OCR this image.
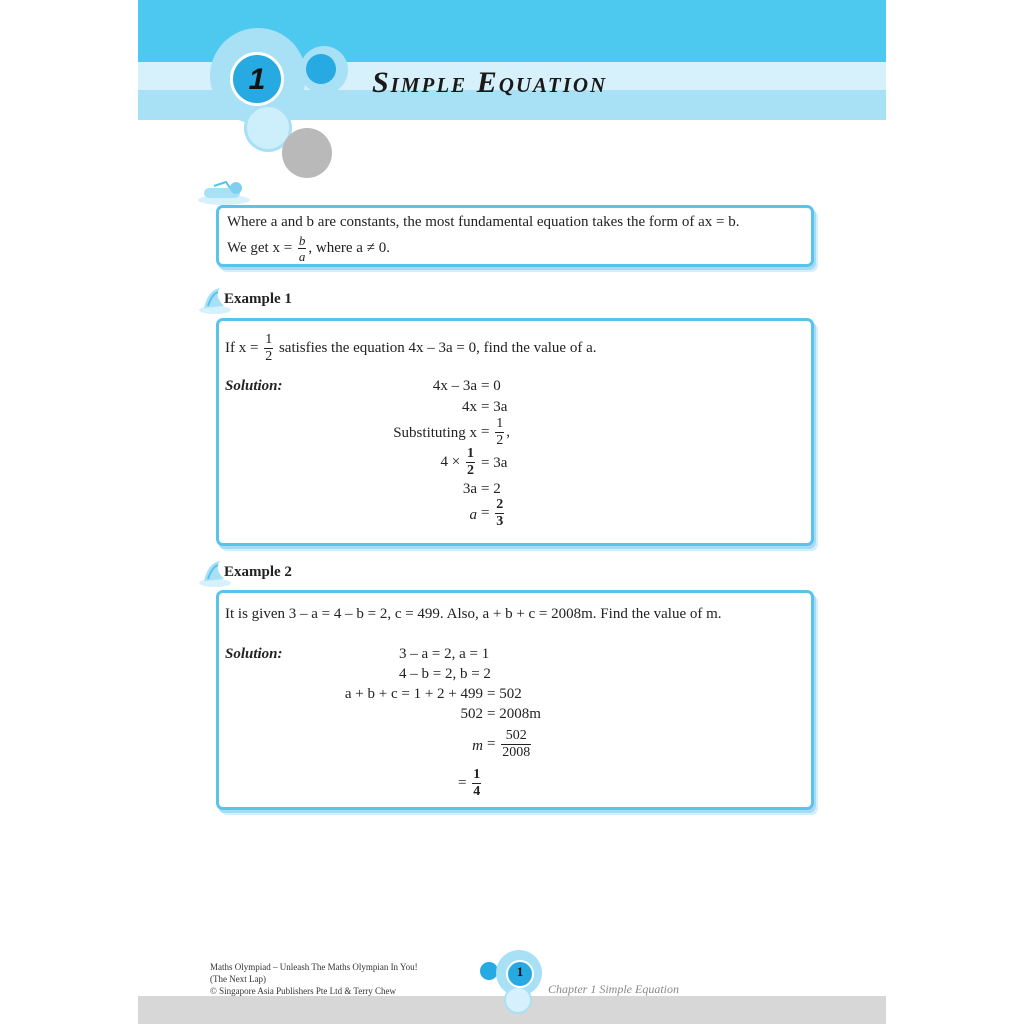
1	Simple Equation
Where a and b are constants, the most fundamental equation takes the form of ax = b.
We get $x = \frac{b}{a}$ , where a ≠ 0.
Example 1
If $x = \frac{1}{2}$ satisfies the equation 4x – 3a = 0, find the value of a.
Solution:	4x – 3a = 0
4x = 3a
Substituting $x = \frac{1}{2}$ ,
$4 \times \frac{1}{2} = 3a$
3a = 2
$a = \frac{2}{3}$
Example 2
It is given 3 – a = 4 – b = 2, c = 499. Also, a + b + c = 2008m. Find the value of m.
Solution:	3 – a = 2, a = 1
4 – b = 2, b = 2
a + b + c = 1 + 2 + 499 = 502
502 = 2008m
$m = \frac{502}{2008}$
= $\frac{1}{4}$
Maths Olympiad – Unleash The Maths Olympian In You!
(The Next Lap)
© Singapore Asia Publishers Pte Ltd & Terry Chew
1
Chapter 1 Simple Equation
